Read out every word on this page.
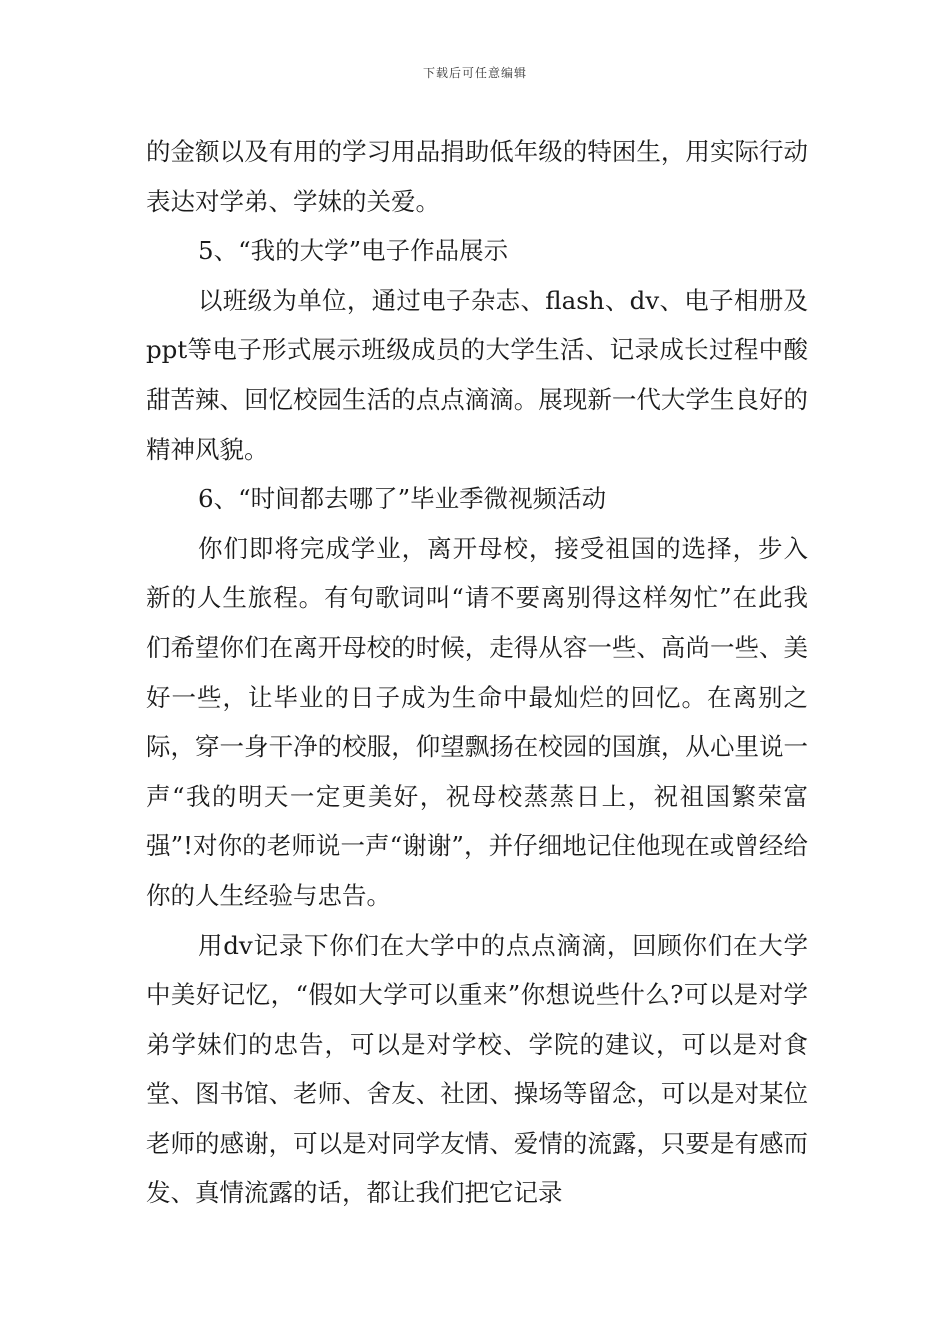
下载后可任意编辑

的金额以及有用的学习用品捐助低年级的特困生，用实际行动表达对学弟、学妹的关爱。

5、“我的大学”电子作品展示

以班级为单位，通过电子杂志、flash、dv、电子相册及ppt等电子形式展示班级成员的大学生活、记录成长过程中酸甜苦辣、回忆校园生活的点点滴滴。展现新一代大学生良好的精神风貌。

6、“时间都去哪了”毕业季微视频活动

你们即将完成学业，离开母校，接受祖国的选择，步入新的人生旅程。有句歌词叫“请不要离别得这样匆忙”在此我们希望你们在离开母校的时候，走得从容一些、高尚一些、美好一些，让毕业的日子成为生命中最灿烂的回忆。在离别之际，穿一身干净的校服，仰望飘扬在校园的国旗，从心里说一声“我的明天一定更美好，祝母校蒸蒸日上，祝祖国繁荣富强”!对你的老师说一声“谢谢”，并仔细地记住他现在或曾经给你的人生经验与忠告。

用dv记录下你们在大学中的点点滴滴，回顾你们在大学中美好记忆，“假如大学可以重来”你想说些什么?可以是对学弟学妹们的忠告，可以是对学校、学院的建议，可以是对食堂、图书馆、老师、舍友、社团、操场等留念，可以是对某位老师的感谢，可以是对同学友情、爱情的流露，只要是有感而发、真情流露的话，都让我们把它记录
